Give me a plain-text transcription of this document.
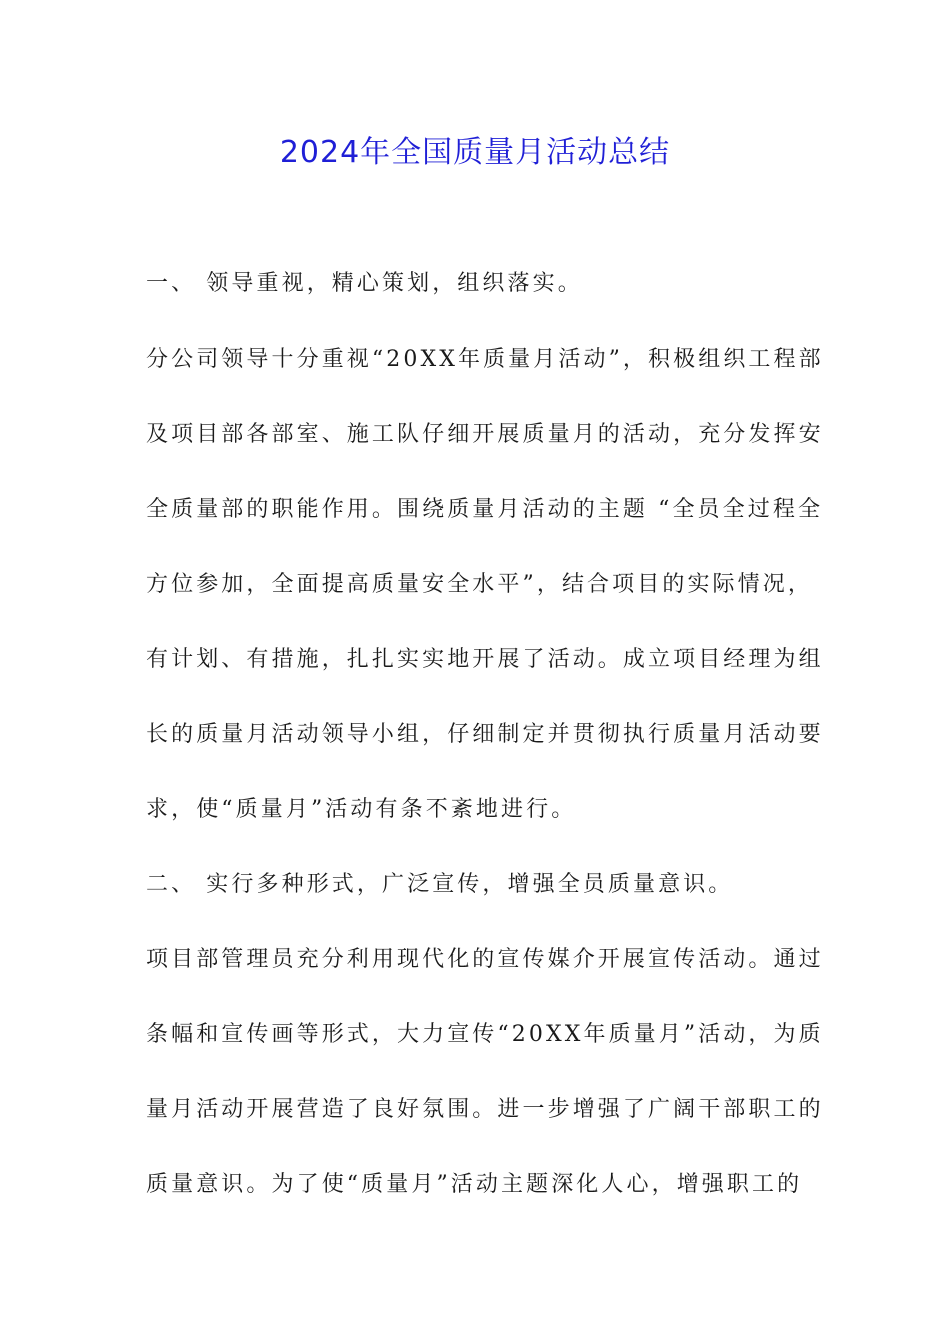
2024年全国质量月活动总结
一、 领导重视，精心策划，组织落实。
分公司领导十分重视“20XX年质量月活动”，积极组织工程部
及项目部各部室、施工队仔细开展质量月的活动，充分发挥安
全质量部的职能作用。围绕质量月活动的主题 “全员全过程全
方位参加，全面提高质量安全水平”，结合项目的实际情况，
有计划、有措施，扎扎实实地开展了活动。成立项目经理为组
长的质量月活动领导小组，仔细制定并贯彻执行质量月活动要
求，使“质量月”活动有条不紊地进行。
二、 实行多种形式，广泛宣传，增强全员质量意识。
项目部管理员充分利用现代化的宣传媒介开展宣传活动。通过
条幅和宣传画等形式，大力宣传“20XX年质量月”活动，为质
量月活动开展营造了良好氛围。进一步增强了广阔干部职工的
质量意识。为了使“质量月”活动主题深化人心，增强职工的
